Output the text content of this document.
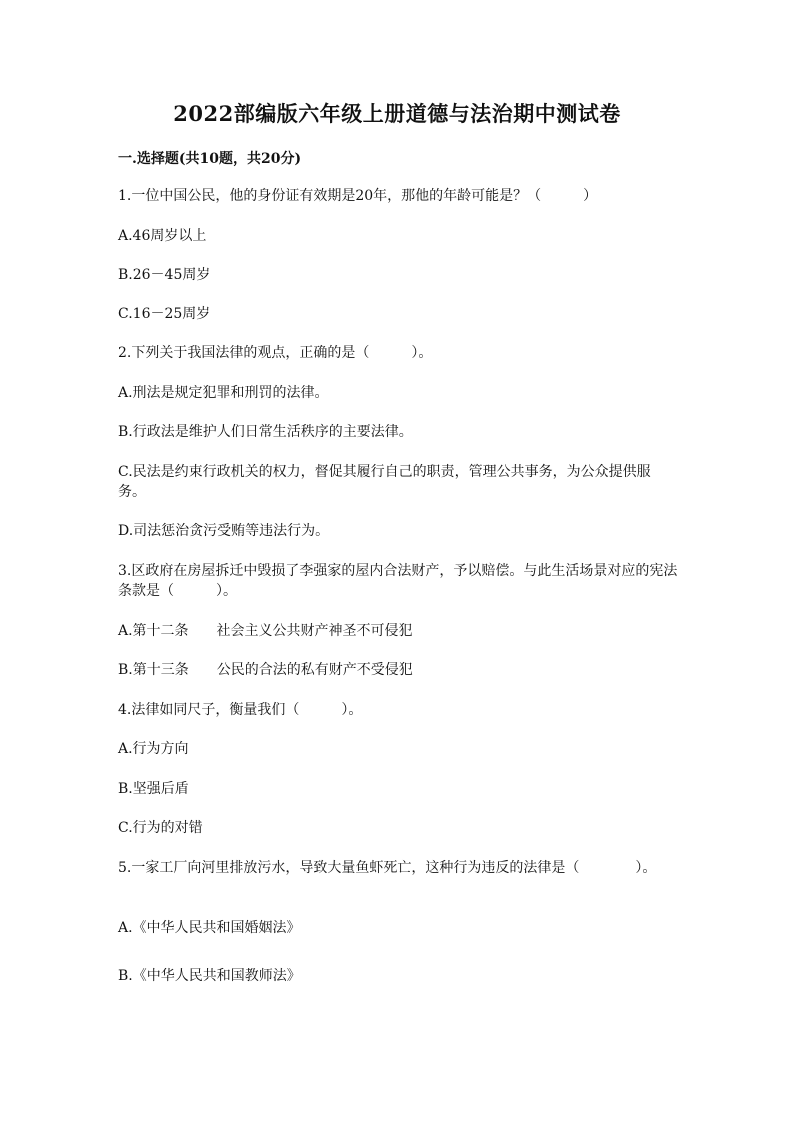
2022部编版六年级上册道德与法治期中测试卷
一.选择题(共10题，共20分)
1.一位中国公民，他的身份证有效期是20年，那他的年龄可能是？（　　　）
A.46周岁以上
B.26－45周岁
C.16－25周岁
2.下列关于我国法律的观点，正确的是（　　　）。
A.刑法是规定犯罪和刑罚的法律。
B.行政法是维护人们日常生活秩序的主要法律。
C.民法是约束行政机关的权力，督促其履行自己的职责，管理公共事务，为公众提供服务。
D.司法惩治贪污受贿等违法行为。
3.区政府在房屋拆迁中毁损了李强家的屋内合法财产，予以赔偿。与此生活场景对应的宪法条款是（　　　）。
A.第十二条　　社会主义公共财产神圣不可侵犯
B.第十三条　　公民的合法的私有财产不受侵犯
4.法律如同尺子，衡量我们（　　　）。
A.行为方向
B.坚强后盾
C.行为的对错
5.一家工厂向河里排放污水，导致大量鱼虾死亡，这种行为违反的法律是（　　　　）。
A.《中华人民共和国婚姻法》
B.《中华人民共和国教师法》
